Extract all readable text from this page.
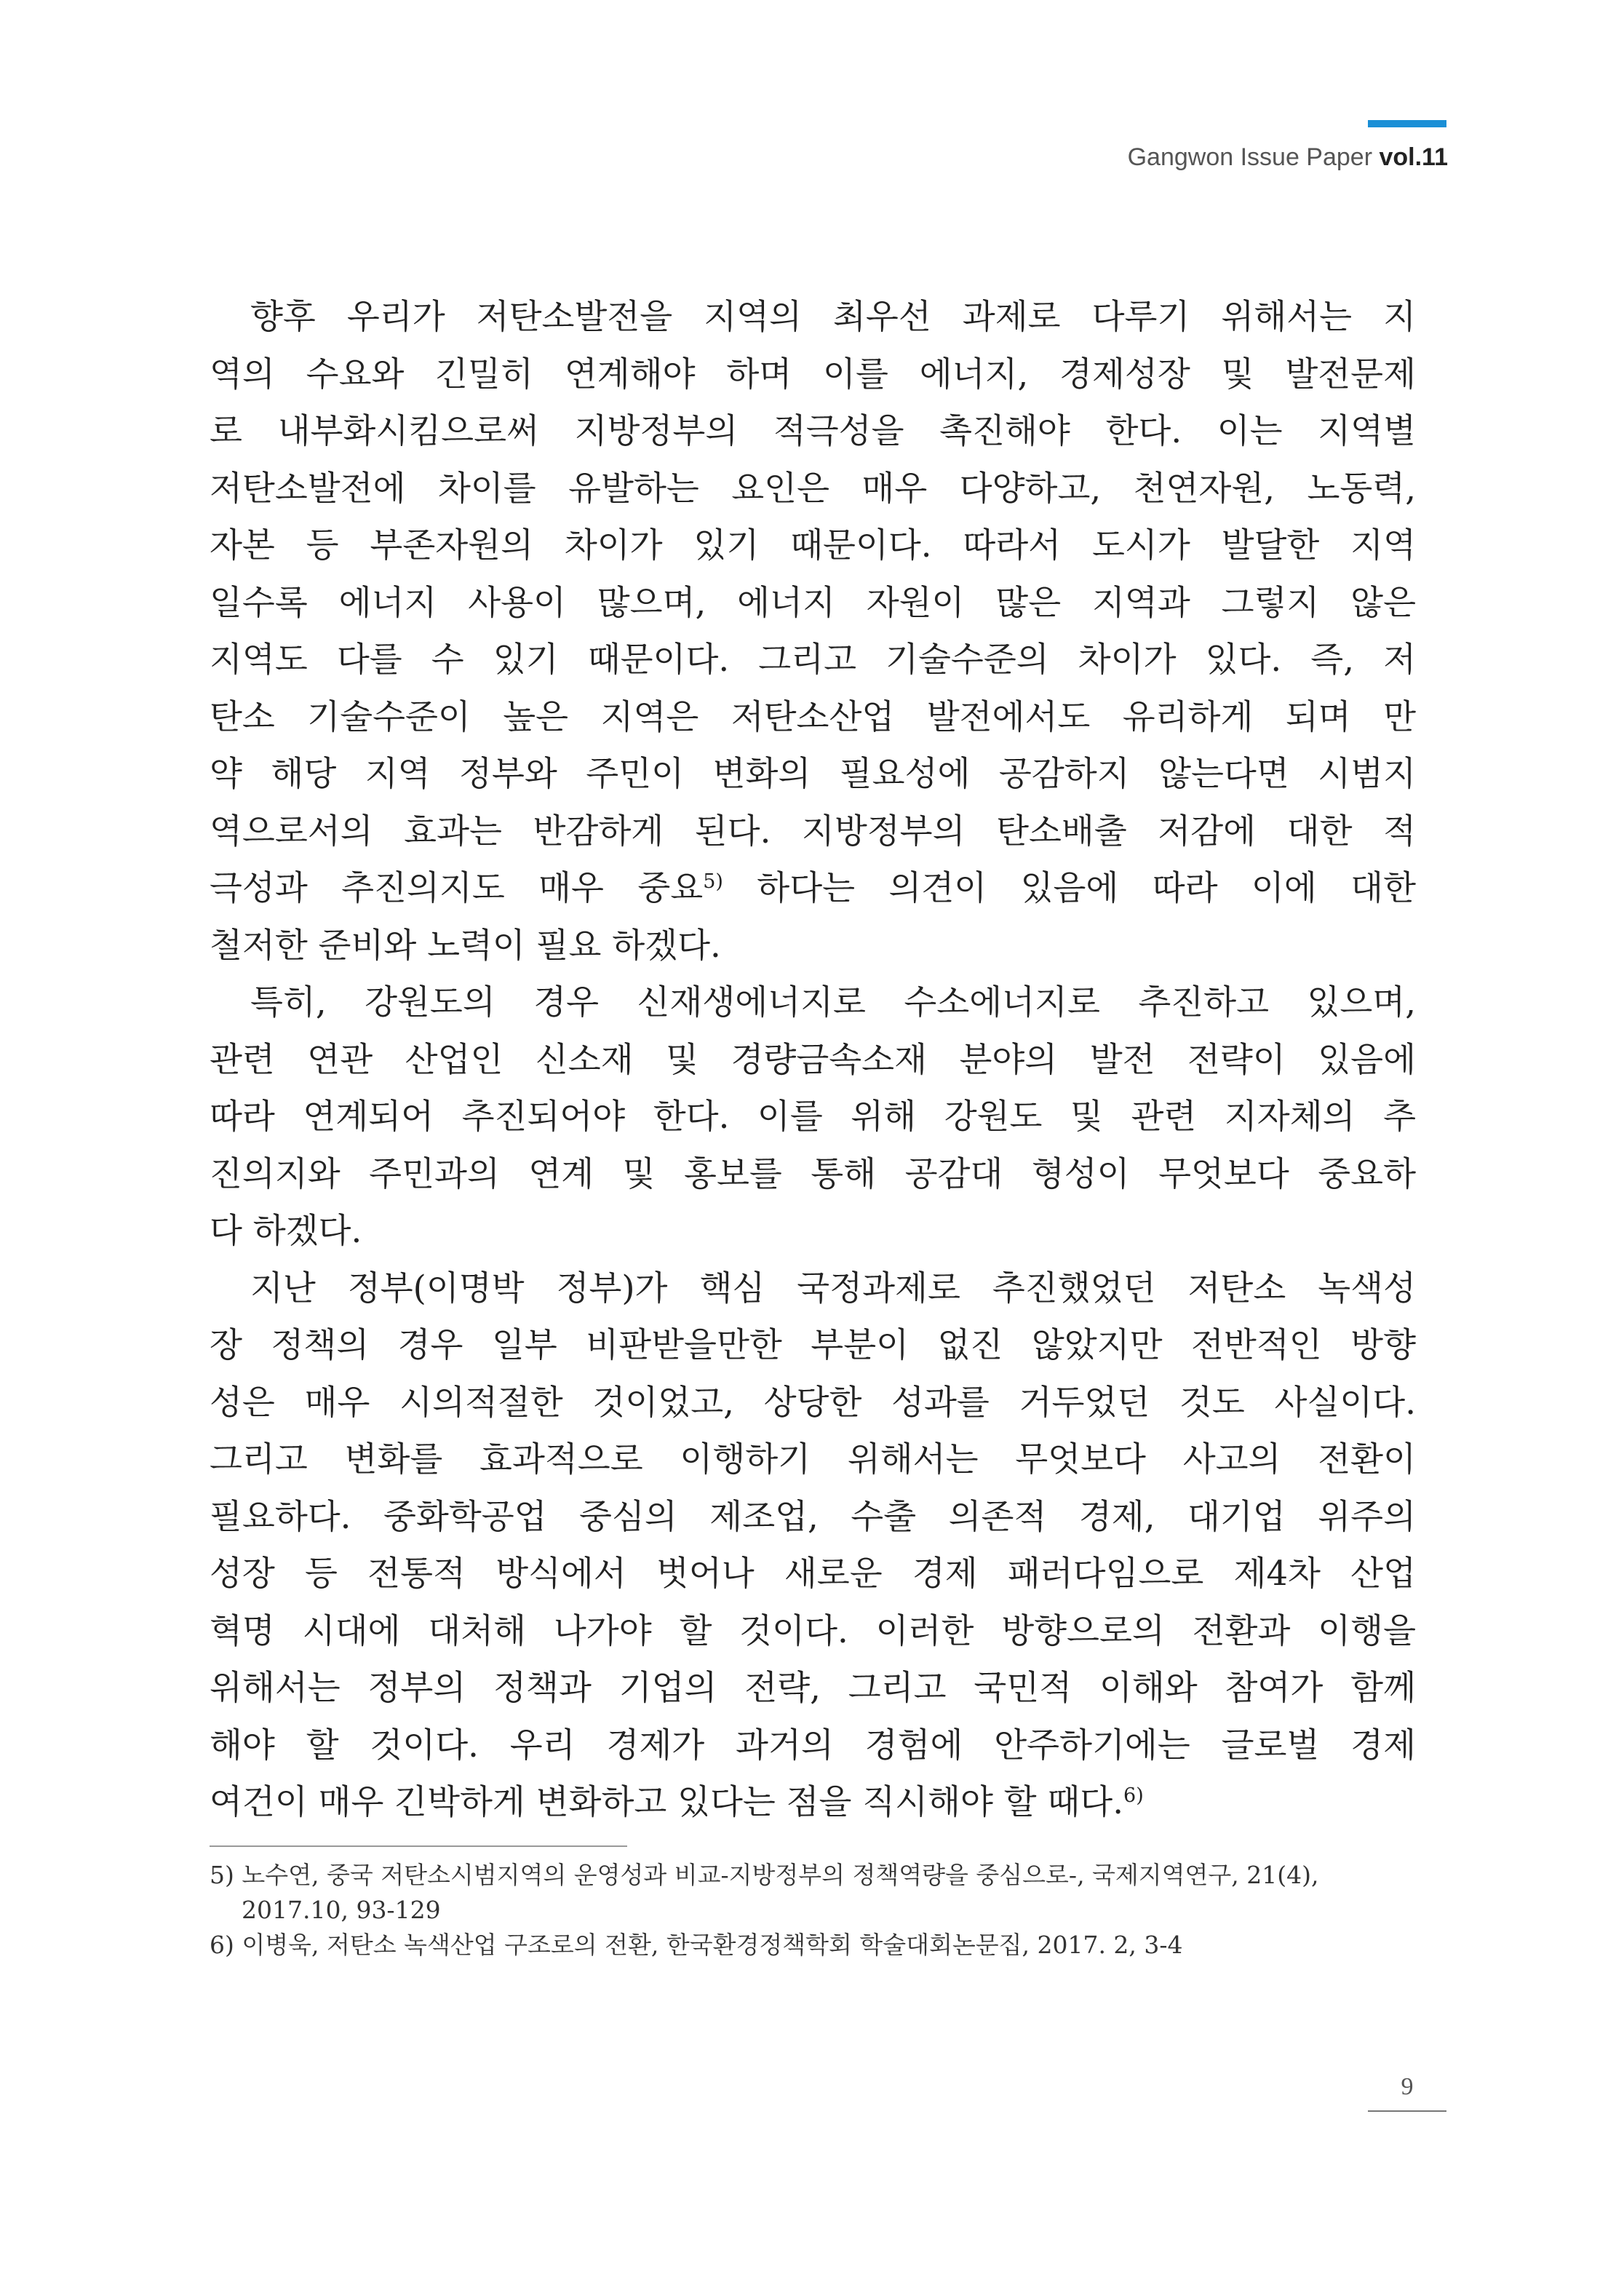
Gangwon Issue Paper vol.11
향후 우리가 저탄소발전을 지역의 최우선 과제로 다루기 위해서는 지
역의 수요와 긴밀히 연계해야 하며 이를 에너지, 경제성장 및 발전문제
로 내부화시킴으로써 지방정부의 적극성을 촉진해야 한다. 이는 지역별
저탄소발전에 차이를 유발하는 요인은 매우 다양하고, 천연자원, 노동력,
자본 등 부존자원의 차이가 있기 때문이다. 따라서 도시가 발달한 지역
일수록 에너지 사용이 많으며, 에너지 자원이 많은 지역과 그렇지 않은
지역도 다를 수 있기 때문이다. 그리고 기술수준의 차이가 있다. 즉, 저
탄소 기술수준이 높은 지역은 저탄소산업 발전에서도 유리하게 되며 만
약 해당 지역 정부와 주민이 변화의 필요성에 공감하지 않는다면 시범지
역으로서의 효과는 반감하게 된다. 지방정부의 탄소배출 저감에 대한 적
극성과 추진의지도 매우 중요$^{5)}$ 하다는 의견이 있음에 따라 이에 대한
철저한 준비와 노력이 필요 하겠다.
특히, 강원도의 경우 신재생에너지로 수소에너지로 추진하고 있으며,
관련 연관 산업인 신소재 및 경량금속소재 분야의 발전 전략이 있음에
따라 연계되어 추진되어야 한다. 이를 위해 강원도 및 관련 지자체의 추
진의지와 주민과의 연계 및 홍보를 통해 공감대 형성이 무엇보다 중요하
다 하겠다.
지난 정부(이명박 정부)가 핵심 국정과제로 추진했었던 저탄소 녹색성
장 정책의 경우 일부 비판받을만한 부분이 없진 않았지만 전반적인 방향
성은 매우 시의적절한 것이었고, 상당한 성과를 거두었던 것도 사실이다.
그리고 변화를 효과적으로 이행하기 위해서는 무엇보다 사고의 전환이
필요하다. 중화학공업 중심의 제조업, 수출 의존적 경제, 대기업 위주의
성장 등 전통적 방식에서 벗어나 새로운 경제 패러다임으로 제4차 산업
혁명 시대에 대처해 나가야 할 것이다. 이러한 방향으로의 전환과 이행을
위해서는 정부의 정책과 기업의 전략, 그리고 국민적 이해와 참여가 함께
해야 할 것이다. 우리 경제가 과거의 경험에 안주하기에는 글로벌 경제
여건이 매우 긴박하게 변화하고 있다는 점을 직시해야 할 때다.$^{6)}$
5) 노수연, 중국 저탄소시범지역의 운영성과 비교-지방정부의 정책역량을 중심으로-, 국제지역연구, 21(4),
2017.10, 93-129
6) 이병욱, 저탄소 녹색산업 구조로의 전환, 한국환경정책학회 학술대회논문집, 2017. 2, 3-4
9
